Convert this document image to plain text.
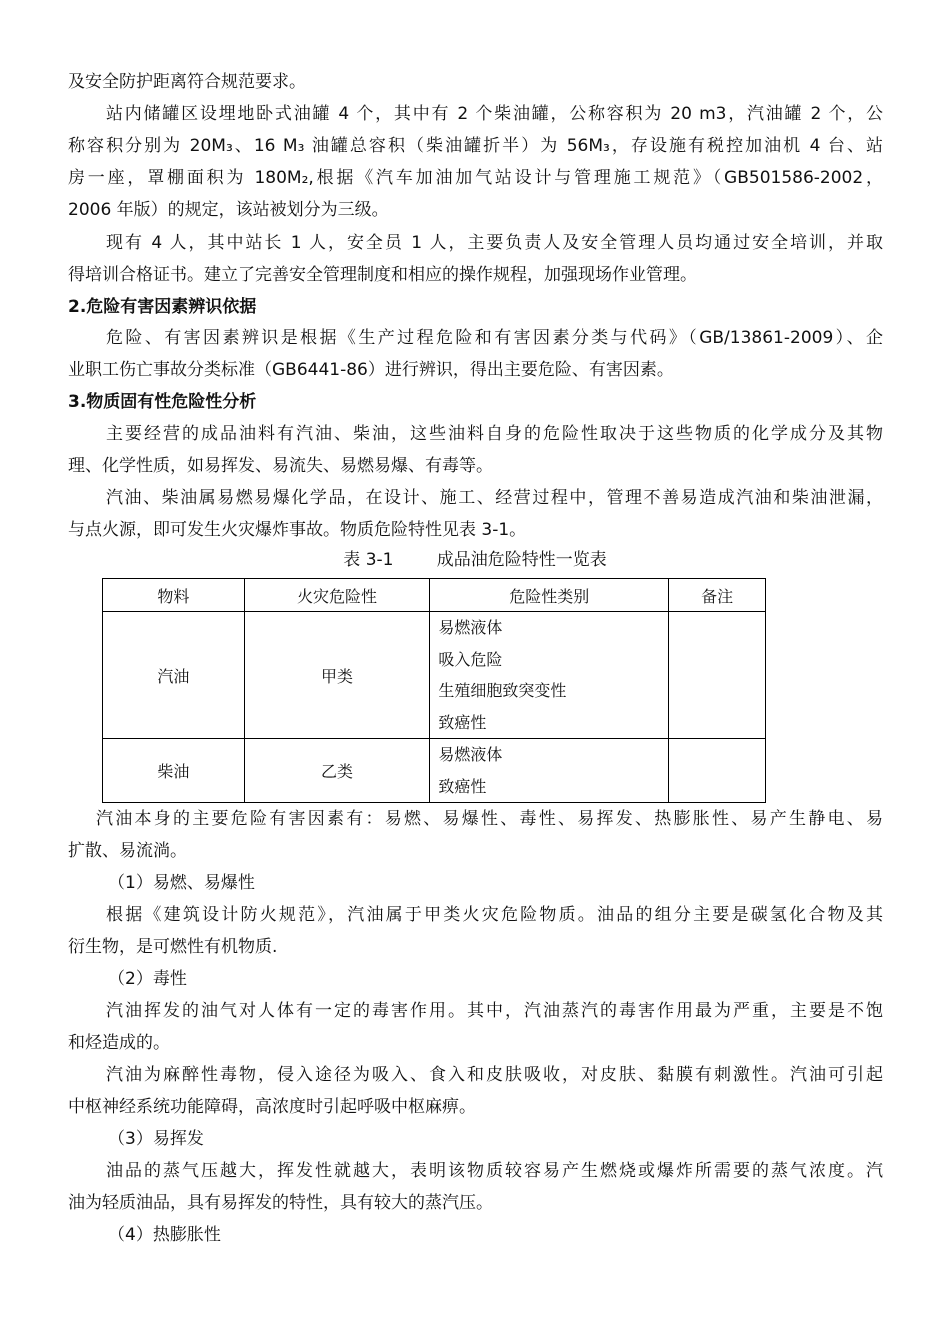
及安全防护距离符合规范要求。
站内储罐区设埋地卧式油罐 4 个，其中有 2 个柴油罐，公称容积为 20 m3，汽油罐 2 个，公
称容积分别为 20M₃、16 M₃ 油罐总容积（柴油罐折半）为 56M₃，存设施有税控加油机 4 台、站
房一座，罩棚面积为 180M₂,根据《汽车加油加气站设计与管理施工规范》（GB501586-2002，
2006 年版）的规定，该站被划分为三级。
现有 4 人，其中站长 1 人，安全员 1 人，主要负责人及安全管理人员均通过安全培训，并取
得培训合格证书。建立了完善安全管理制度和相应的操作规程，加强现场作业管理。
2.危险有害因素辨识依据
危险、有害因素辨识是根据《生产过程危险和有害因素分类与代码》（GB/13861-2009）、企
业职工伤亡事故分类标准（GB6441-86）进行辨识，得出主要危险、有害因素。
3.物质固有性危险性分析
主要经营的成品油料有汽油、柴油，这些油料自身的危险性取决于这些物质的化学成分及其物
理、化学性质，如易挥发、易流失、易燃易爆、有毒等。
汽油、柴油属易燃易爆化学品，在设计、施工、经营过程中，管理不善易造成汽油和柴油泄漏，
与点火源，即可发生火灾爆炸事故。物质危险特性见表 3-1。
表 3-1        成品油危险特性一览表
物料	火灾危险性	危险性类别	备注
汽油	甲类	易燃液体
吸入危险
生殖细胞致突变性
致癌性	

柴油	乙类	易燃液体
致癌性	

汽油本身的主要危险有害因素有：易燃、易爆性、毒性、易挥发、热膨胀性、易产生静电、易
扩散、易流淌。
（1）易燃、易爆性
根据《建筑设计防火规范》，汽油属于甲类火灾危险物质。油品的组分主要是碳氢化合物及其
衍生物，是可燃性有机物质.
（2）毒性
汽油挥发的油气对人体有一定的毒害作用。其中，汽油蒸汽的毒害作用最为严重，主要是不饱
和烃造成的。
汽油为麻醉性毒物，侵入途径为吸入、食入和皮肤吸收，对皮肤、黏膜有刺激性。汽油可引起
中枢神经系统功能障碍，高浓度时引起呼吸中枢麻痹。
（3）易挥发
油品的蒸气压越大，挥发性就越大，表明该物质较容易产生燃烧或爆炸所需要的蒸气浓度。汽
油为轻质油品，具有易挥发的特性，具有较大的蒸汽压。
（4）热膨胀性
